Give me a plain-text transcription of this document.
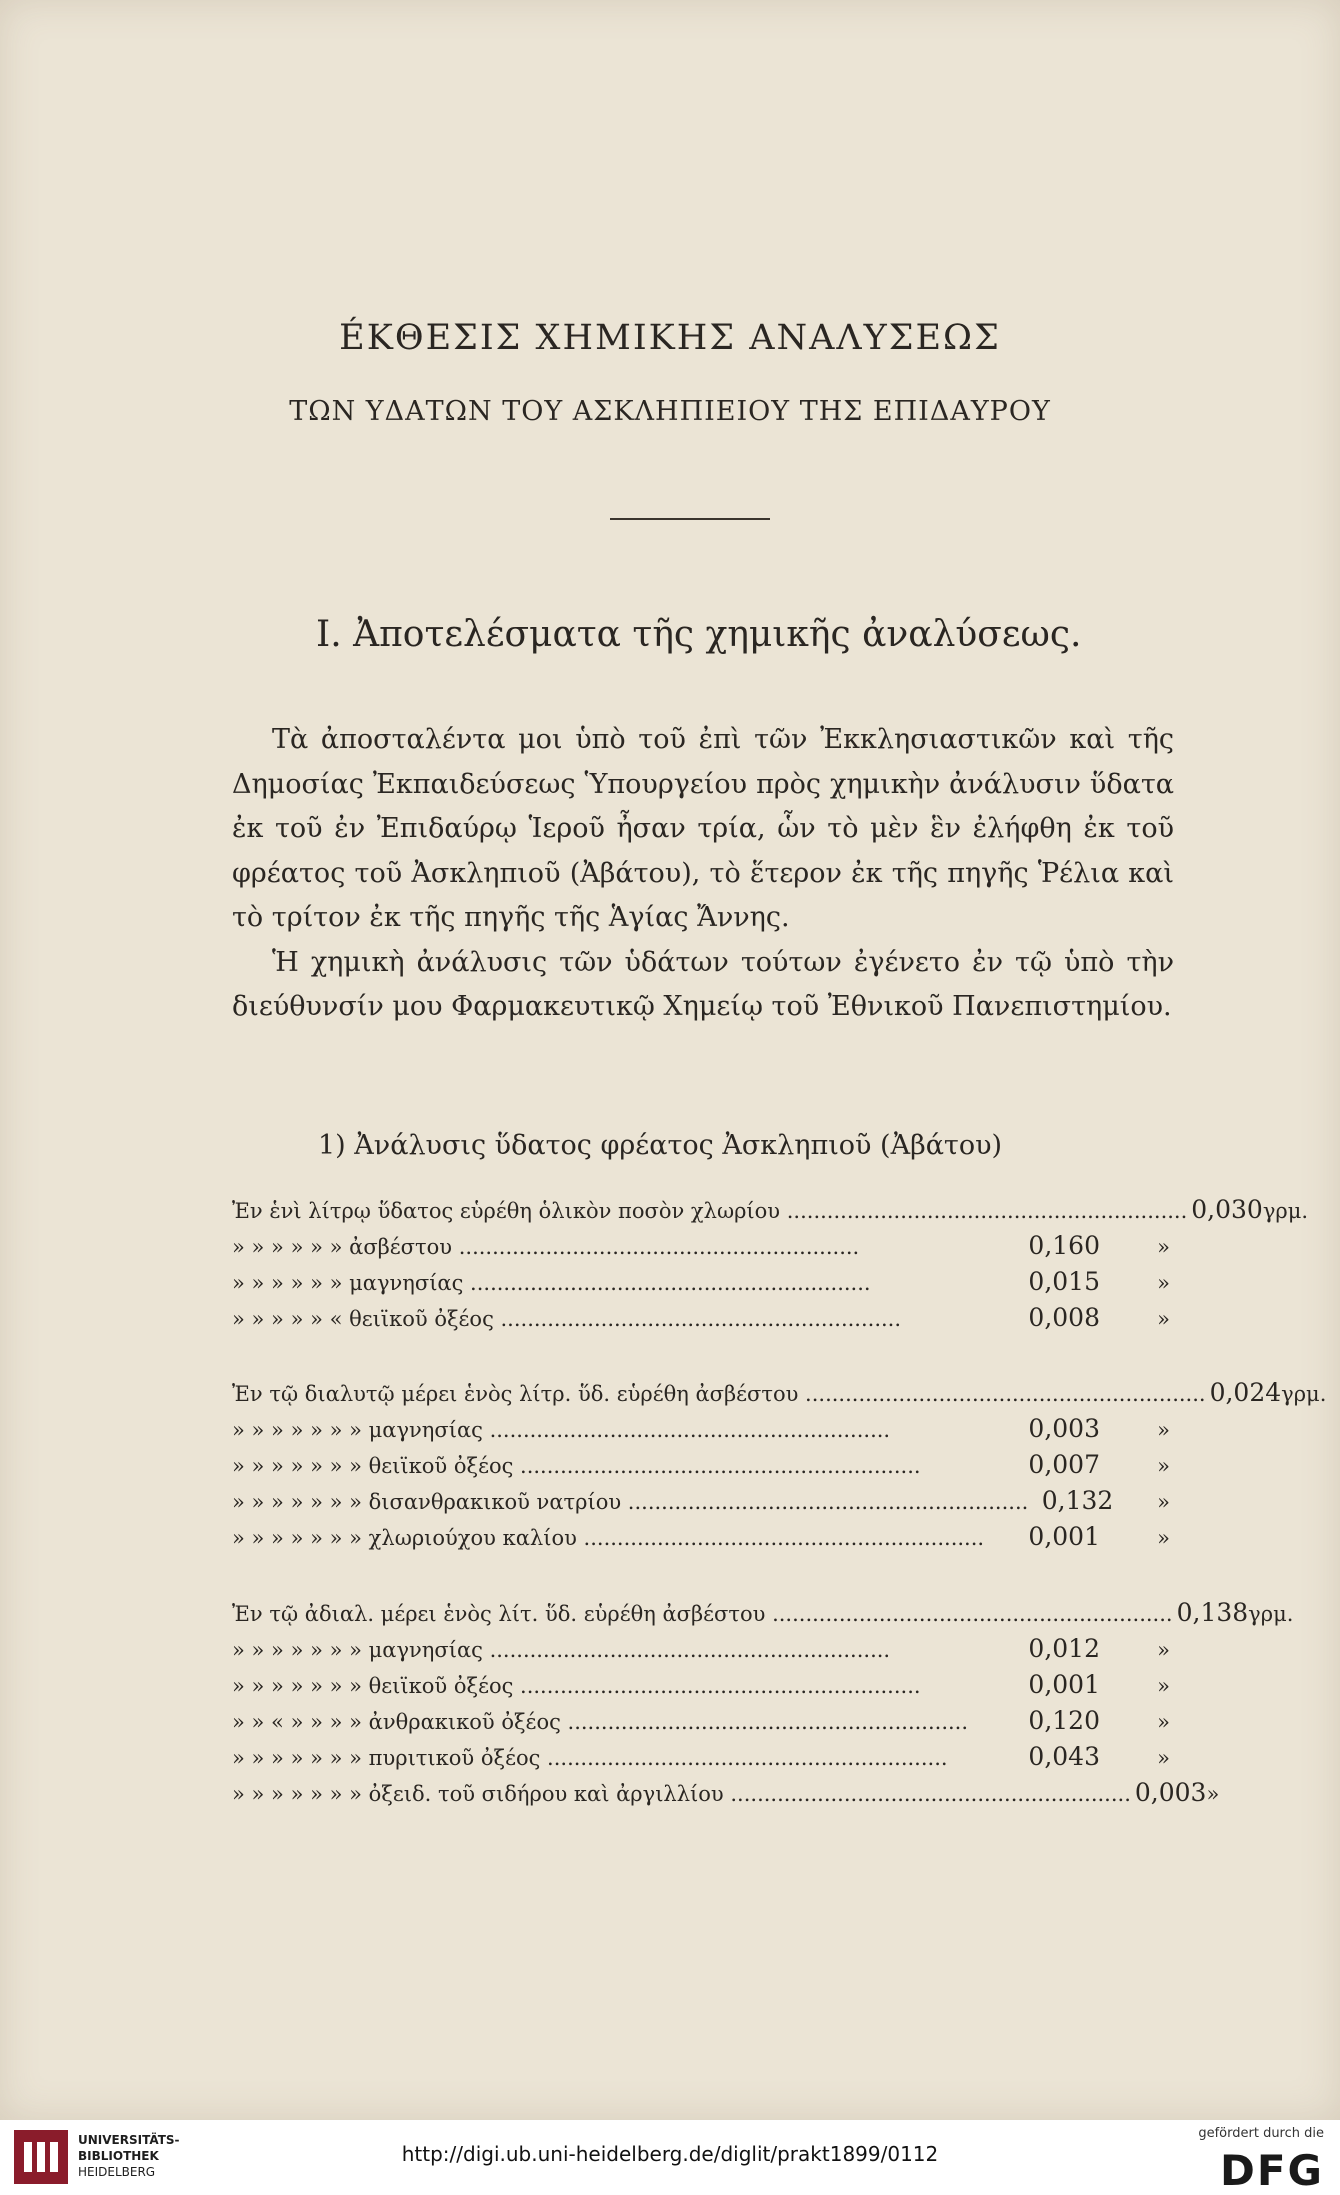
ÉΚΘΕΣΙΣ ΧΗΜΙΚΗΣ ΑΝΑΛΥΣΕΩΣ
ΤΩΝ ΥΔΑΤΩΝ ΤΟΥ ΑΣΚΛΗΠΙΕΙΟΥ ΤΗΣ ΕΠΙΔΑΥΡΟΥ
I. Ἀποτελέσματα τῆς χημικῆς ἀναλύσεως.

Τὰ ἀποσταλέντα μοι ὑπὸ τοῦ ἐπὶ τῶν Ἐκκλησιαστικῶν καὶ τῆς Δημοσίας Ἐκπαιδεύσεως Ὑπουργείου πρὸς χημικὴν ἀνάλυσιν ὕδατα ἐκ τοῦ ἐν Ἐπιδαύρῳ Ἱεροῦ ἦσαν τρία, ὧν τὸ μὲν ἓν ἐλήφθη ἐκ τοῦ φρέατος τοῦ Ἀσκληπιοῦ (Ἀβάτου), τὸ ἕτερον ἐκ τῆς πηγῆς Ῥέλια καὶ τὸ τρίτον ἐκ τῆς πηγῆς τῆς Ἁγίας Ἄννης.

Ἡ χημικὴ ἀνάλυσις τῶν ὑδάτων τούτων ἐγένετο ἐν τῷ ὑπὸ τὴν διεύθυνσίν μου Φαρμακευτικῷ Χημείῳ τοῦ Ἐθνικοῦ Πανεπιστημίου.

1) Ἀνάλυσις ὕδατος φρέατος Ἀσκληπιοῦ (Ἀβάτου)
Ἐν ἑνὶ λίτρῳ ὕδατος εὑρέθη ὁλικὸν ποσὸν χλωρίου ............................................................ 0,030 γρμ.
» » » » » » ἀσβέστου ............................................................	0,160	»
» » » » » » μαγνησίας ............................................................	0,015	»
» » » » » « θειϊκοῦ ὀξέος ............................................................	0,008	»
Ἐν τῷ διαλυτῷ μέρει ἑνὸς λίτρ. ὕδ. εὑρέθη ἀσβέστου ............................................................ 0,024 γρμ.
» » » » » » » μαγνησίας ............................................................	0,003	»
» » » » » » » θειϊκοῦ ὀξέος ............................................................	0,007	»
» » » » » » » δισανθρακικοῦ νατρίου ............................................................ 0,132	»
» » » » » » » χλωριούχου καλίου ............................................................	0,001	»
Ἐν τῷ ἀδιαλ. μέρει ἑνὸς λίτ. ὕδ. εὑρέθη ἀσβέστου ............................................................ 0,138 γρμ.
» » » » » » » μαγνησίας ............................................................	0,012	»
» » » » » » » θειϊκοῦ ὀξέος ............................................................	0,001	»
» » « » » » » ἀνθρακικοῦ ὀξέος ............................................................	0,120	»
» » » » » » » πυριτικοῦ ὀξέος ............................................................	0,043	»
» » » » » » » ὀξειδ. τοῦ σιδήρου καὶ ἀργιλλίου ............................................................ 0,003 »
UNIVERSITÄTS-
BIBLIOTHEK
HEIDELBERG
http://digi.ub.uni-heidelberg.de/diglit/prakt1899/0112
gefördert durch die
DFG
